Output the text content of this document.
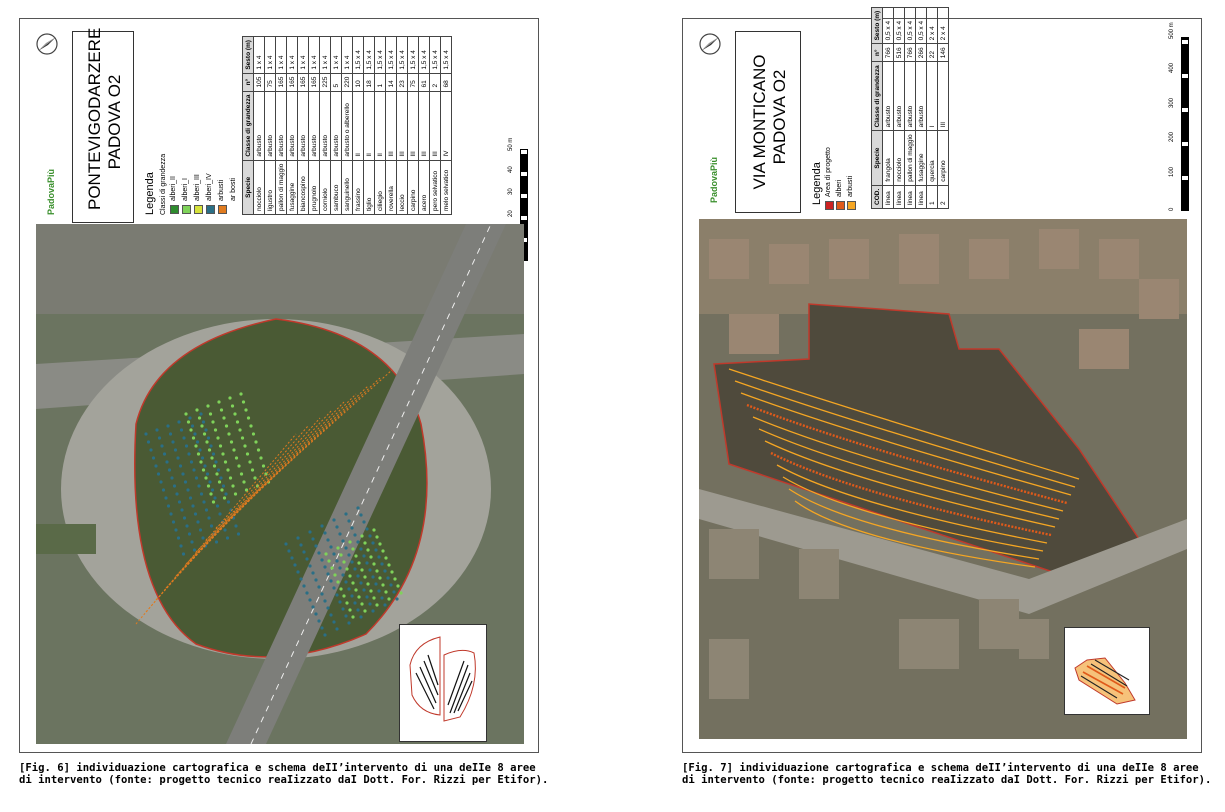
PadovaPiù PONTEVIGODARZERE PADOVA O2
Legenda Classi di grandezza alberi_II alberi_I alberi_III alberi_IV arbusti ar bosti Specie	Classe di grandezza	n°	Sesto (m)
nocciolo	arbusto	105	1 x 4
ligustro	arbusto	75	1 x 4
pallon di maggio	arbusto	165	1 x 4
fusaggine	arbusto	165	1 x 4
biancospino	arbusto	165	1 x 4
prugnolo	arbusto	165	1 x 4
corniolo	arbusto	225	1 x 4
sambuco	arbusto	5	1 x 4
sanguinello	arbusto o alberello	220	1 x 4
frassino	II	10	1,5 x 4
tiglio	II	18	1,5 x 4
ciliegio	II	1	1,5 x 4
roverella	III	14	1,5 x 4
leccio	III	23	1,5 x 4
carpino	III	75	1,5 x 4
acero	III	61	1,5 x 4
pero selvatico	III	2	1,5 x 4
melo selvatico	IV	68	1,5 x 4
20
30
40
50 m
PadovaPiù VIA MONTICANO PADOVA O2
Legenda Area di progetto alberi arbusti	COD.	Specie	Classe di grandezza	n°	Sesto (m)
linea	frangola	arbusto	766	0,5 x 4
linea	nocciolo	arbusto	516	0,5 x 4
linea	pallon di maggio	arbusto	766	0,5 x 4
linea	fusaggine	arbusto	266	0,5 x 4
1	quercia	I	22	2 x 4
2	carpino	III	146	2 x 4
0
100
200
300
400
500 m
[Fig. 6] individuazione cartografica e schema deII’intervento di una deIIe 8 aree
di intervento (fonte: progetto tecnico reaIizzato daI Dott. For. Rizzi per Etifor).
[Fig. 7] individuazione cartografica e schema deII’intervento di una deIIe 8 aree
di intervento (fonte: progetto tecnico reaIizzato daI Dott. For. Rizzi per Etifor).
